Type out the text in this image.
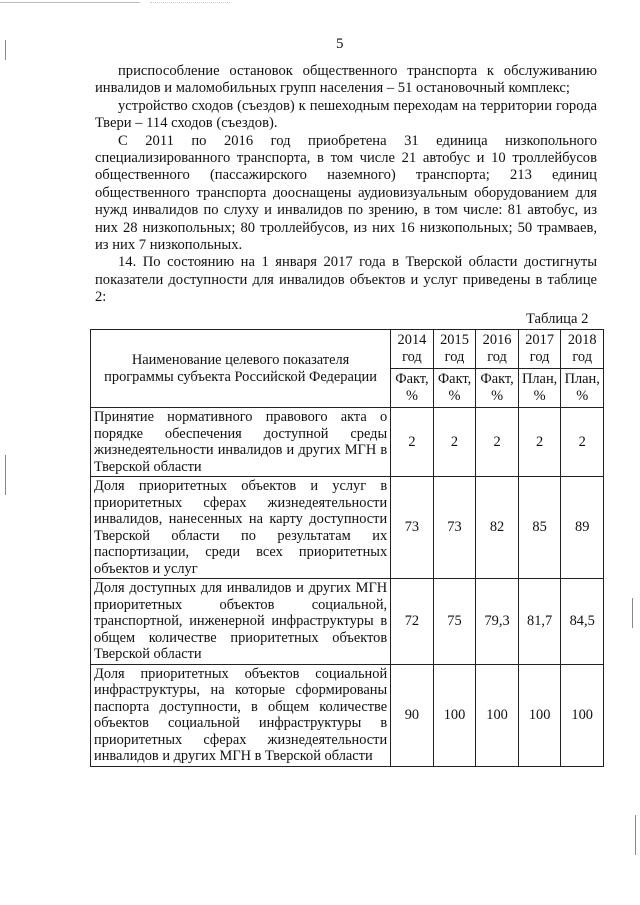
5

приспособление остановок общественного транспорта к обслуживанию инвалидов и маломобильных групп населения – 51 остановочный комплекс;

устройство сходов (съездов) к пешеходным переходам на территории города Твери – 114 сходов (съездов).

С 2011 по 2016 год приобретена 31 единица низкопольного специализированного транспорта, в том числе 21 автобус и 10 троллейбусов общественного (пассажирского наземного) транспорта; 213 единиц общественного транспорта дооснащены аудиовизуальным оборудованием для нужд инвалидов по слуху и инвалидов по зрению, в том числе: 81 автобус, из них 28 низкопольных; 80 троллейбусов, из них 16 низкопольных; 50 трамваев, из них 7 низкопольных.

14. По состоянию на 1 января 2017 года в Тверской области достигнуты показатели доступности для инвалидов объектов и услуг приведены в таблице 2:

Таблица 2
Наименование целевого показателя программы субъекта Российской Федерации	2014 год	2015 год	2016 год	2017 год	2018 год
	Факт, %	Факт, %	Факт, %	План, %	План, %
Принятие нормативного правового акта о порядке обеспечения доступной среды жизнедеятельности инвалидов и других МГН в Тверской области	2	2	2	2	2
Доля приоритетных объектов и услуг в приоритетных сферах жизнедеятельности инвалидов, нанесенных на карту доступности Тверской области по результатам их паспортизации, среди всех приоритетных объектов и услуг	73	73	82	85	89
Доля доступных для инвалидов и других МГН приоритетных объектов социальной, транспортной, инженерной инфраструктуры в общем количестве приоритетных объектов Тверской области	72	75	79,3	81,7	84,5
Доля приоритетных объектов социальной инфраструктуры, на которые сформированы паспорта доступности, в общем количестве объектов социальной инфраструктуры в приоритетных сферах жизнедеятельности инвалидов и других МГН в Тверской области	90	100	100	100	100
